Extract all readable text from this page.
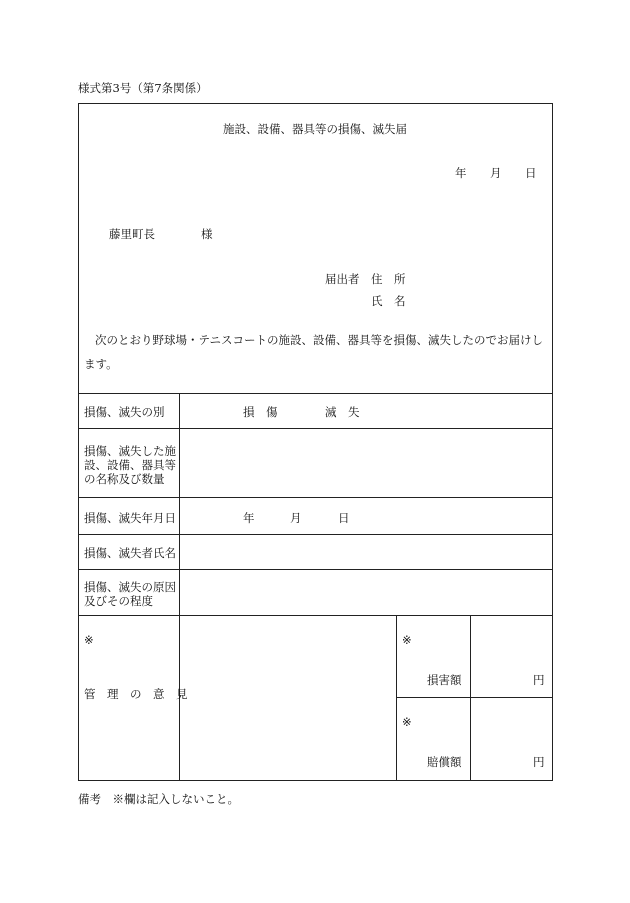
様式第3号（第7条関係）
施設、設備、器具等の損傷、滅失届
年 月 日
藤里町長	様
届出者 住　所
氏　名
次のとおり野球場・テニスコートの施設、設備、器具等を損傷、滅失したのでお届けし
ます。
損傷、滅失の別	損　傷	滅　失
損傷、滅失した施
設、設備、器具等
の名称及び数量
損傷、滅失年月日	年	月	日
損傷、滅失者氏名
損傷、滅失の原因
及びその程度
※
管　理　の　意　見
※
損害額	円
※
賠償額	円
備考　※欄は記入しないこと。
